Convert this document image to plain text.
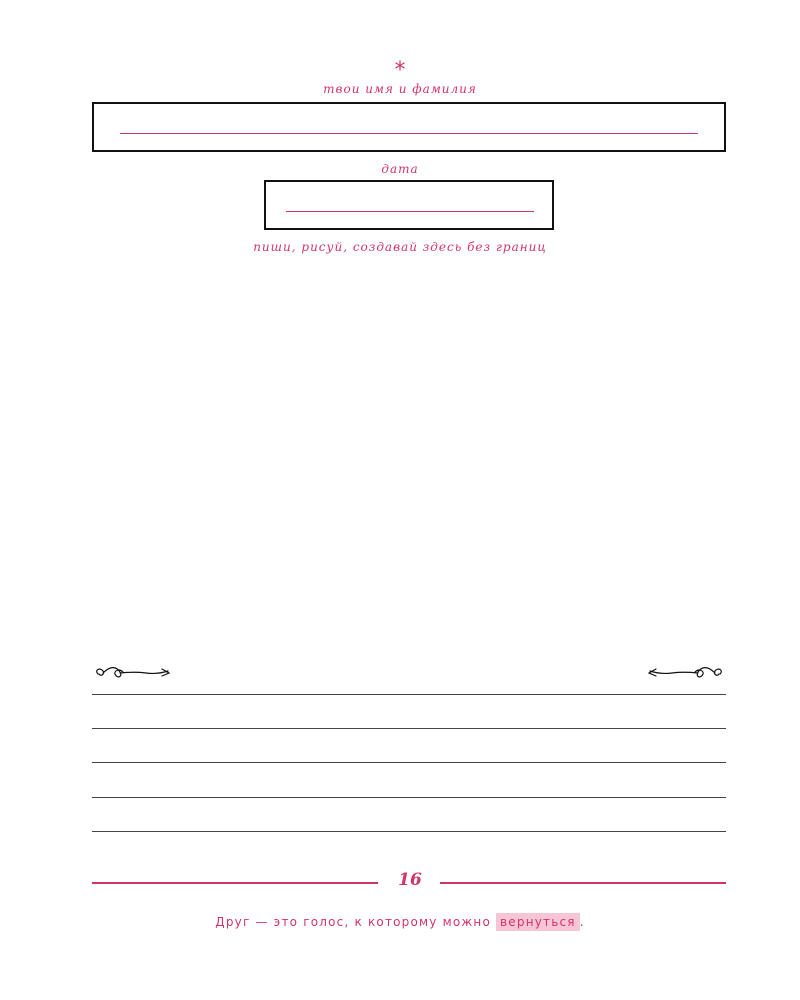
*
твои имя и фамилия
дата
пиши, рисуй, создавай здесь без границ
16
Друг — это голос, к которому можно вернуться .
